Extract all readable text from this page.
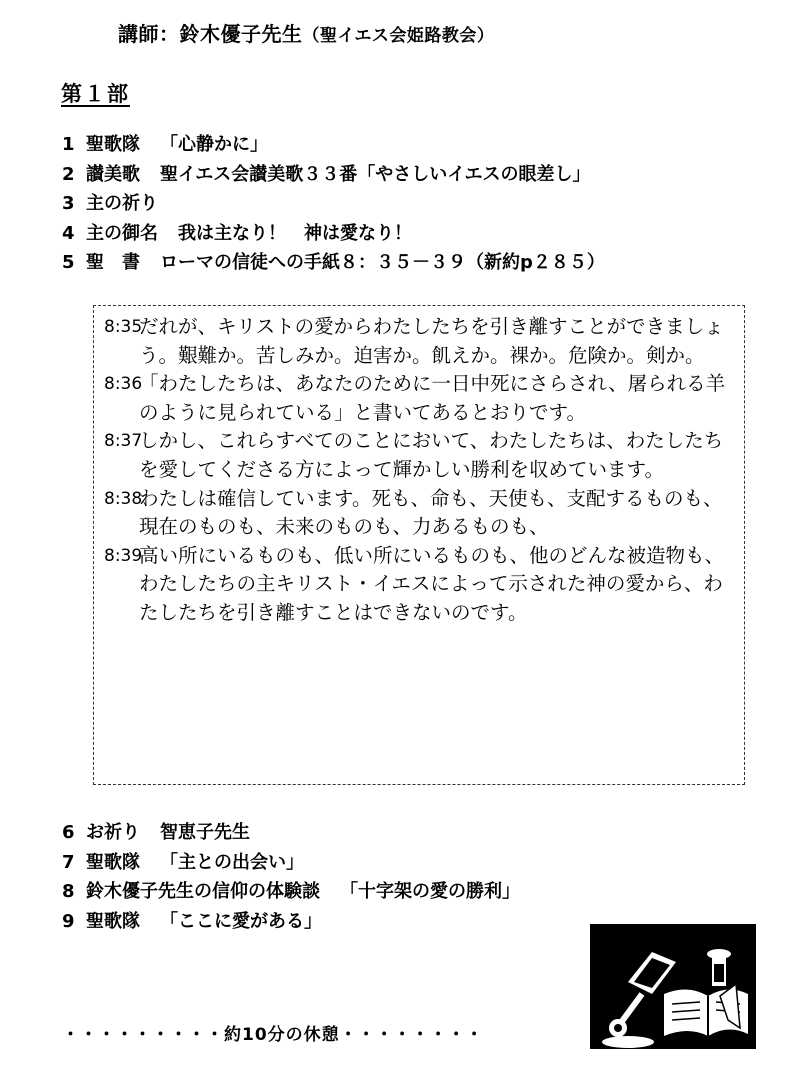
講師：鈴木優子先生（聖イエス会姫路教会）
第１部
1 聖歌隊 「心静かに」
2 讃美歌 聖イエス会讃美歌３３番「やさしいイエスの眼差し」
3 主の祈り
4 主の御名 我は主なり！　神は愛なり！
5 聖　書 ローマの信徒への手紙８：３５－３９（新約p２８５）
8:35
だれが、キリストの愛からわたしたちを引き離すことができましょう。艱難か。苦しみか。迫害か。飢えか。裸か。危険か。剣か。
8:36
「わたしたちは、あなたのために一日中死にさらされ、屠られる羊のように見られている」と書いてあるとおりです。
8:37
しかし、これらすべてのことにおいて、わたしたちは、わたしたちを愛してくださる方によって輝かしい勝利を収めています。
8:38
わたしは確信しています。死も、命も、天使も、支配するものも、現在のものも、未来のものも、力あるものも、
8:39
高い所にいるものも、低い所にいるものも、他のどんな被造物も、わたしたちの主キリスト・イエスによって示された神の愛から、わたしたちを引き離すことはできないのです。
6 お祈り 智恵子先生
7 聖歌隊 「主との出会い」
8 鈴木優子先生の信仰の体験談 「十字架の愛の勝利」
9 聖歌隊 「ここに愛がある」
・・・・・・・・・約10分の休憩・・・・・・・・
